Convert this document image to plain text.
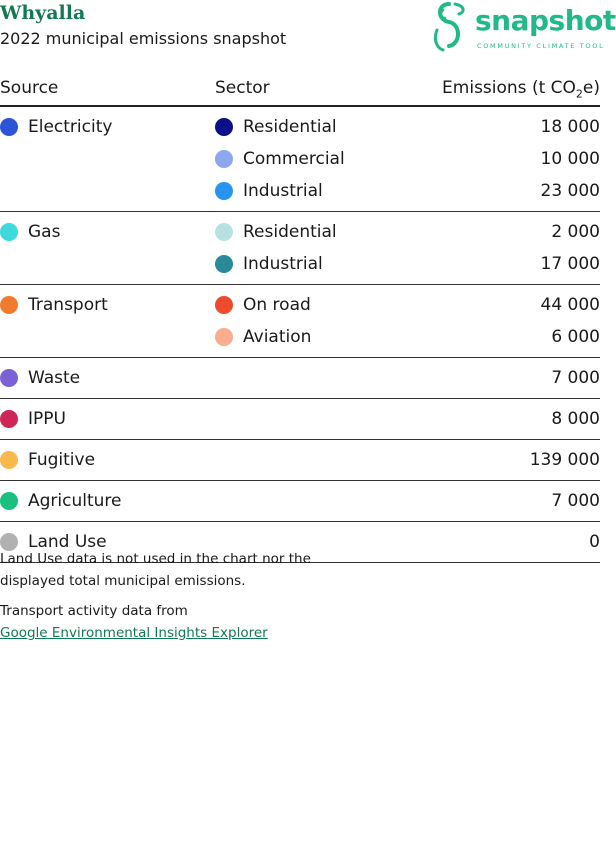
Whyalla

2022 municipal emissions snapshot

snapshot
COMMUNITY CLIMATE TOOL
Source	Sector	Emissions (t $CO_2e$)

Electricity	Residential	18 000

	Commercial	10 000

	Industrial	23 000

Gas	Residential	2 000

	Industrial	17 000

Transport	On road	44 000

	Aviation	6 000

Waste		7 000

IPPU		8 000

Fugitive		139 000

Agriculture		7 000

Land Use		0

Land Use data is not used in the chart nor the displayed total municipal emissions.

Transport activity data from
Google Environmental Insights Explorer
